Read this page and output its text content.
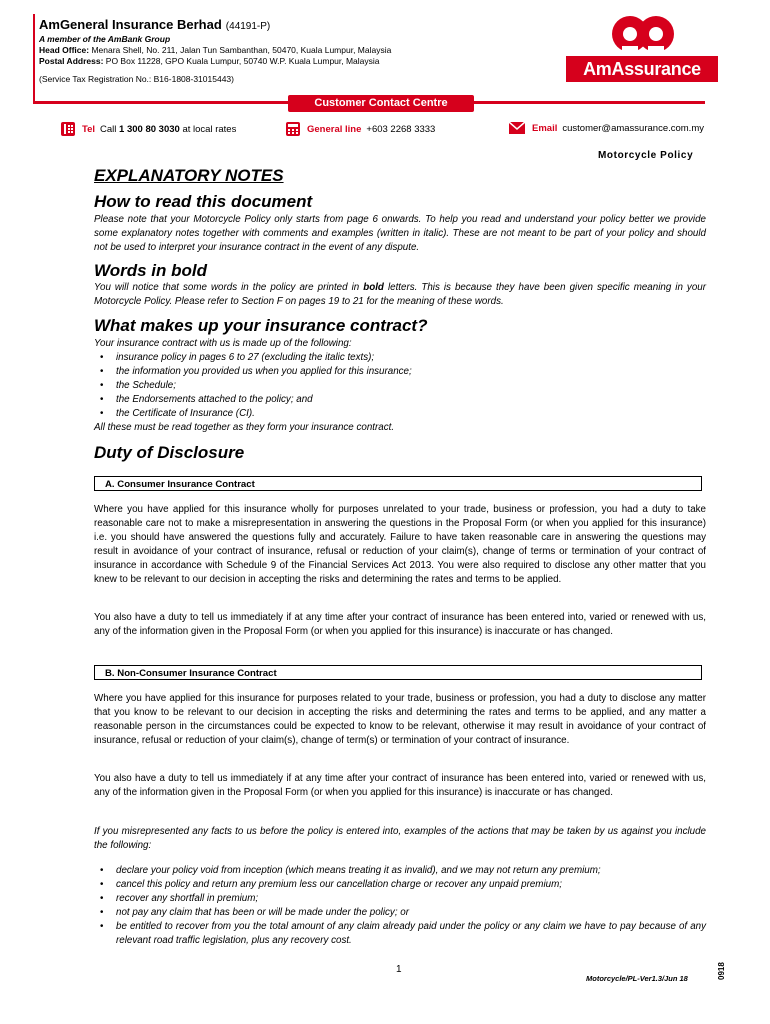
AmGeneral Insurance Berhad (44191-P)
A member of the AmBank Group
Head Office: Menara Shell, No. 211, Jalan Tun Sambanthan, 50470, Kuala Lumpur, Malaysia
Postal Address: PO Box 11228, GPO Kuala Lumpur, 50740 W.P. Kuala Lumpur, Malaysia
(Service Tax Registration No.: B16-1808-31015443)	AmAssurance
Customer Contact Centre
Tel Call
1 300 80 3030
at local rates	General line +603 2268 3333	Email customer@amassurance.com.my
Motorcycle Policy
EXPLANATORY NOTES
How to read this document
Please note that your Motorcycle Policy only starts from page 6 onwards. To help you read and understand your policy better we provide some explanatory notes together with comments and examples (written in italic). These are not meant to be part of your policy and should not be used to interpret your insurance contract in the event of any dispute.
Words in bold
You will notice that some words in the policy are printed in bold letters. This is because they have been given specific meaning in your Motorcycle Policy. Please refer to Section F on pages 19 to 21 for the meaning of these words.
What makes up your insurance contract?
Your insurance contract with us is made up of the following:
• insurance policy in pages 6 to 27 (excluding the italic texts);
• the information you provided us when you applied for this insurance;
• the Schedule;
• the Endorsements attached to the policy; and
• the Certificate of Insurance (CI).
All these must be read together as they form your insurance contract.
Duty of Disclosure
A. Consumer Insurance Contract
Where you have applied for this insurance wholly for purposes unrelated to your trade, business or profession, you had a duty to take reasonable care not to make a misrepresentation in answering the questions in the Proposal Form (or when you applied for this insurance) i.e. you should have answered the questions fully and accurately. Failure to have taken reasonable care in answering the questions may result in avoidance of your contract of insurance, refusal or reduction of your claim(s), change of terms or termination of your contract of insurance in accordance with Schedule 9 of the Financial Services Act 2013. You were also required to disclose any other matter that you knew to be relevant to our decision in accepting the risks and determining the rates and terms to be applied.
You also have a duty to tell us immediately if at any time after your contract of insurance has been entered into, varied or renewed with us, any of the information given in the Proposal Form (or when you applied for this insurance) is inaccurate or has changed.
B. Non-Consumer Insurance Contract
Where you have applied for this insurance for purposes related to your trade, business or profession, you had a duty to disclose any matter that you know to be relevant to our decision in accepting the risks and determining the rates and terms to be applied, and any matter a reasonable person in the circumstances could be expected to know to be relevant, otherwise it may result in avoidance of your contract of insurance, refusal or reduction of your claim(s), change of term(s) or termination of your contract of insurance.
You also have a duty to tell us immediately if at any time after your contract of insurance has been entered into, varied or renewed with us, any of the information given in the Proposal Form (or when you applied for this insurance) is inaccurate or has changed.
If you misrepresented any facts to us before the policy is entered into, examples of the actions that may be taken by us against you include the following:
• declare your policy void from inception (which means treating it as invalid), and we may not return any premium;
• cancel this policy and return any premium less our cancellation charge or recover any unpaid premium;
• recover any shortfall in premium;
• not pay any claim that has been or will be made under the policy; or
• be entitled to recover from you the total amount of any claim already paid under the policy or any claim we have to pay because of any relevant road traffic legislation, plus any recovery cost.
1
Motorcycle/PL-Ver1.3/Jun 18	0918
